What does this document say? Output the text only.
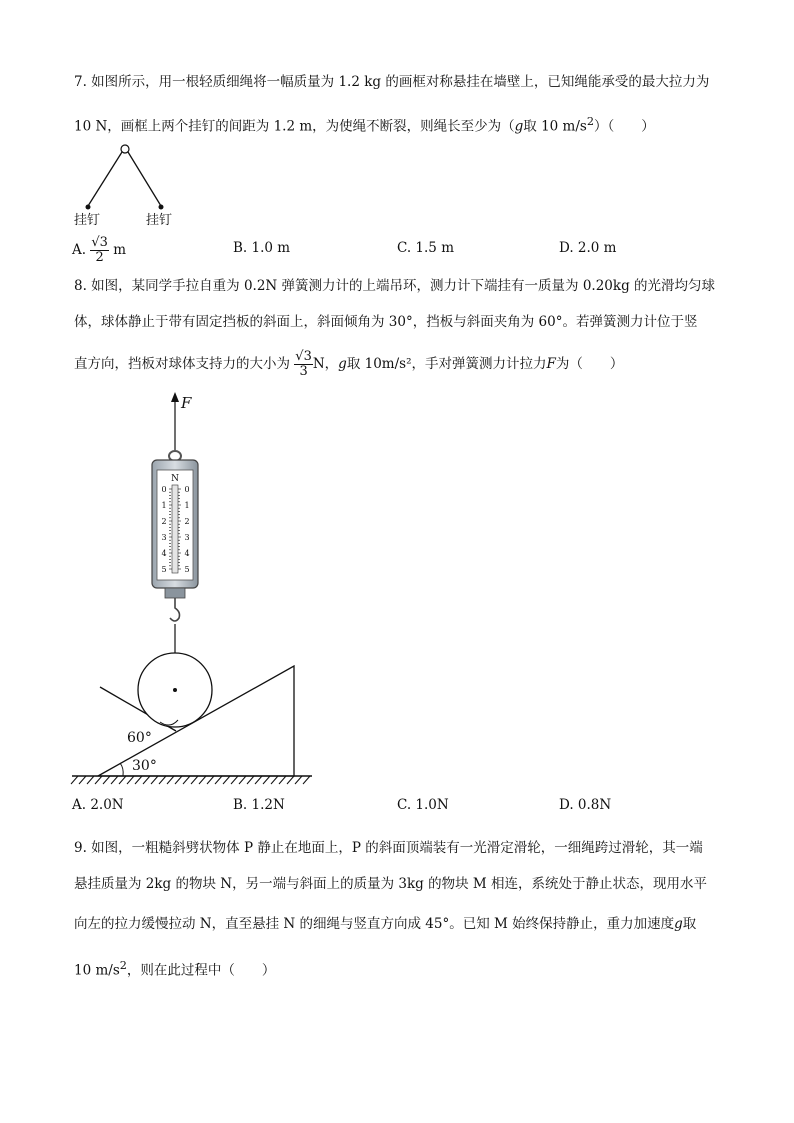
7. 如图所示，用一根轻质细绳将一幅质量为 1.2 kg 的画框对称悬挂在墙壁上，已知绳能承受的最大拉力为
10 N，画框上两个挂钉的间距为 1.2 m，为使绳不断裂，则绳长至少为（g取 10 $m/s^2$）（　　）
挂钉	挂钉
A. $\frac{√3}{2}$ m	B. 1.0 m	C. 1.5 m	D. 2.0 m
8. 如图，某同学手拉自重为 0.2N 弹簧测力计的上端吊环，测力计下端挂有一质量为 0.20kg 的光滑均匀球
体，球体静止于带有固定挡板的斜面上，斜面倾角为 30°，挡板与斜面夹角为 60°。若弹簧测力计位于竖
直方向，挡板对球体支持力的大小为 $\frac{√3}{3}$ N，g取 10m/s²，手对弹簧测力计拉力F为（　　）
F
N
0 0
1 1
2 2
3 3
4 4
5 5
60°
30°
A. 2.0N	B. 1.2N	C. 1.0N	D. 0.8N
9. 如图，一粗糙斜劈状物体 P 静止在地面上，P 的斜面顶端装有一光滑定滑轮，一细绳跨过滑轮，其一端
悬挂质量为 2kg 的物块 N，另一端与斜面上的质量为 3kg 的物块 M 相连，系统处于静止状态，现用水平
向左的拉力缓慢拉动 N，直至悬挂 N 的细绳与竖直方向成 45°。已知 M 始终保持静止，重力加速度g取
10 $m/s^2$，则在此过程中（　　）
